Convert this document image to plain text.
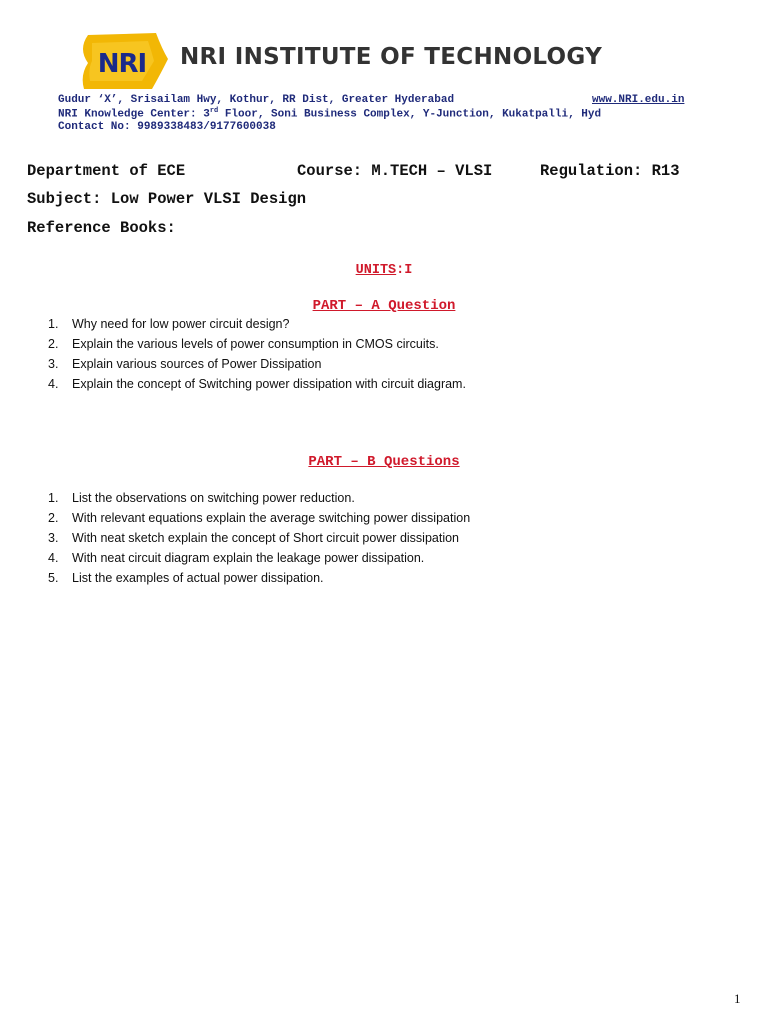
NRI NRI INSTITUTE OF TECHNOLOGY
Gudur ‘X’, Srisailam Hwy, Kothur, RR Dist, Greater Hyderabad	www.NRI.edu.in
NRI Knowledge Center: 3rd Floor, Soni Business Complex, Y-Junction, Kukatpalli, Hyd
Contact No: 9989338483/9177600038
Department of ECE	Course: M.TECH – VLSI	Regulation: R13
Subject: Low Power VLSI Design
Reference Books:
UNITS:I
PART – A Question
1. Why need for low power circuit design?
2. Explain the various levels of power consumption in CMOS circuits.
3. Explain various sources of Power Dissipation
4. Explain the concept of Switching power dissipation with circuit diagram.
PART – B Questions
1. List the observations on switching power reduction.
2. With relevant equations explain the average switching power dissipation
3. With neat sketch explain the concept of Short circuit power dissipation
4. With neat circuit diagram explain the leakage power dissipation.
5. List the examples of actual power dissipation.
1
